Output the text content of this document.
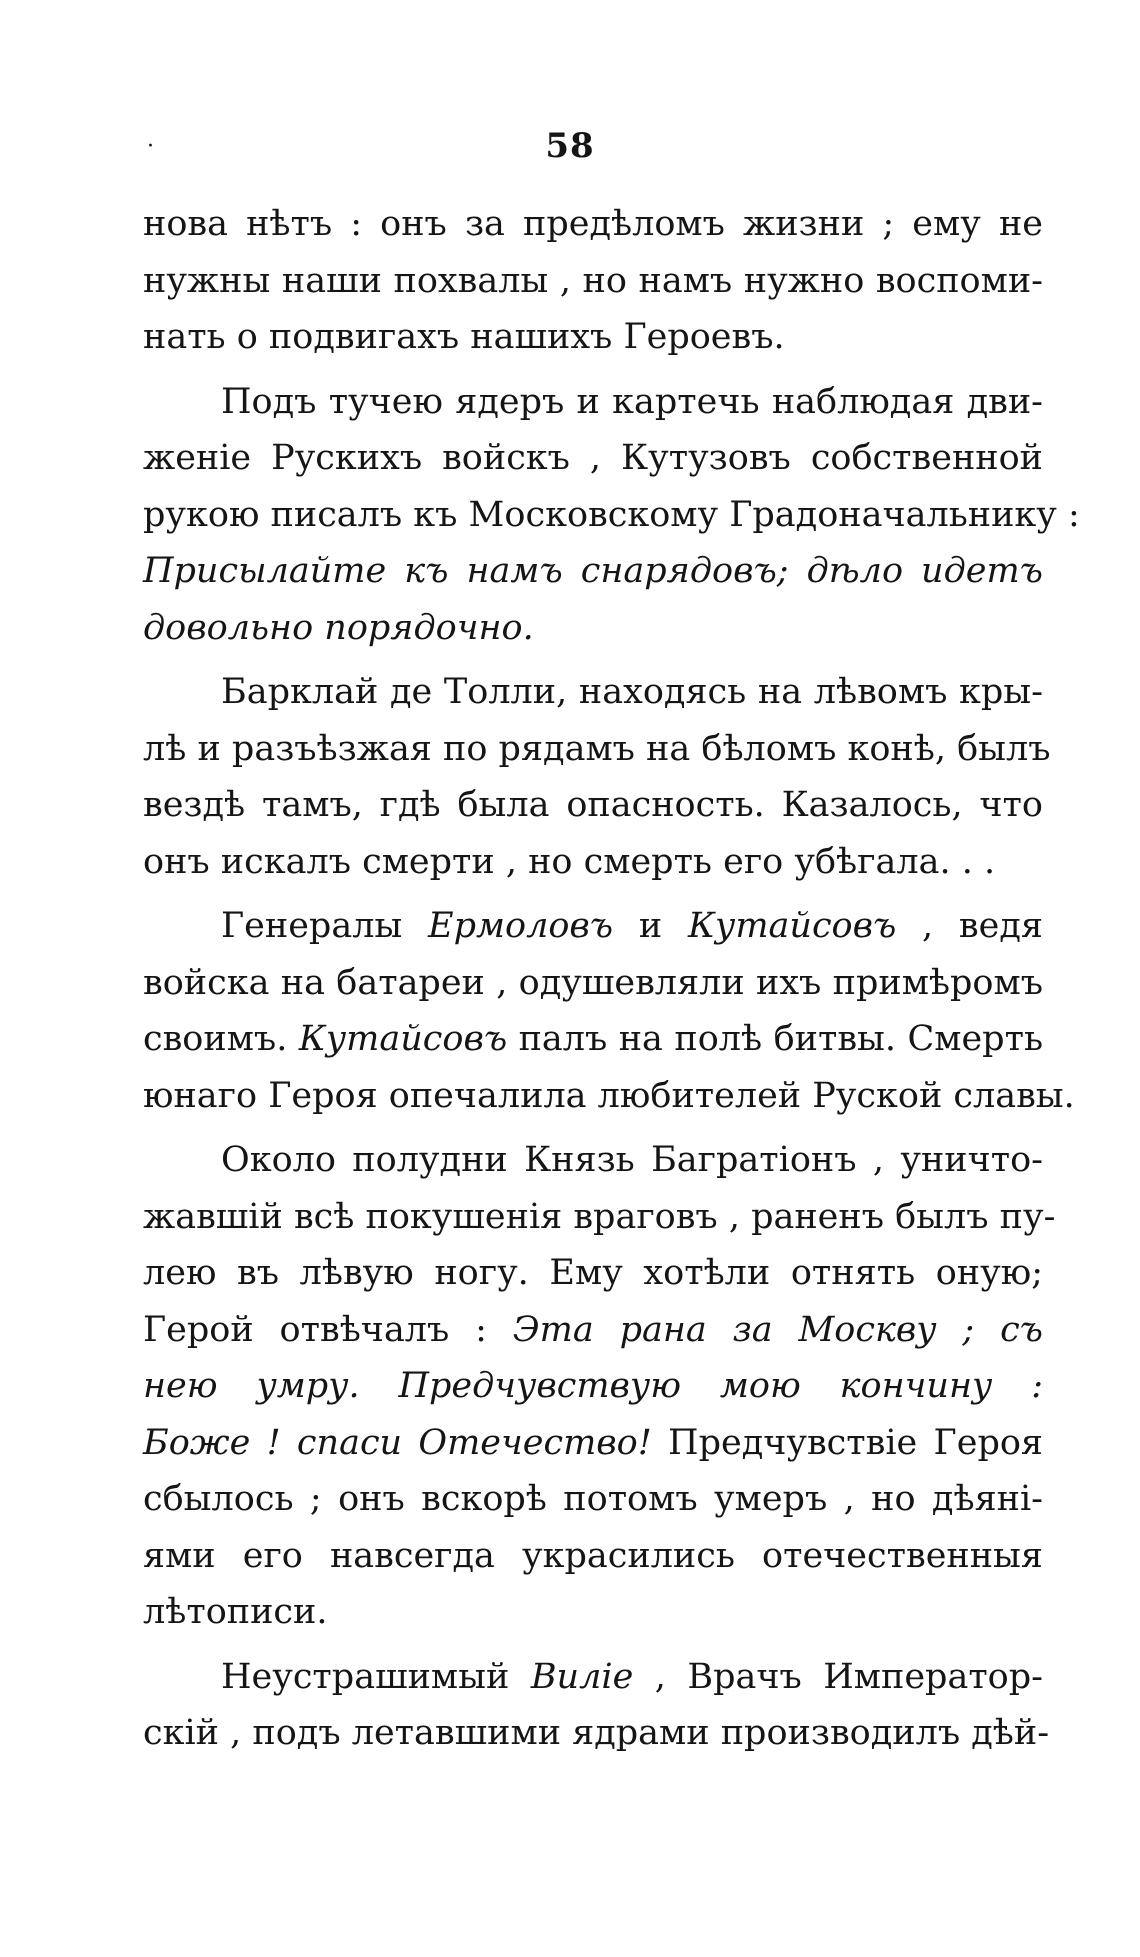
·	58
нова нѣтъ : онъ за предѣломъ жизни ; ему не
нужны наши похвалы , но намъ нужно воспоми-
нать о подвигахъ нашихъ Героевъ.
Подъ тучею ядеръ и картечь наблюдая дви-
женіе Рускихъ войскъ , Кутузовъ собственной
рукою писалъ къ Московскому Градоначальнику :
Присылайте къ намъ снарядовъ; дѣло идетъ
довольно порядочно.
Барклай де Толли, находясь на лѣвомъ кры-
лѣ и разъѣзжая по рядамъ на бѣломъ конѣ, былъ
вездѣ тамъ, гдѣ была опасность. Казалось, что
онъ искалъ смерти , но смерть его убѣгала. . .
Генералы Ермоловъ и Кутайсовъ , ведя
войска на батареи , одушевляли ихъ примѣромъ
своимъ. Кутайсовъ палъ на полѣ битвы. Смерть
юнаго Героя опечалила любителей Руской славы.
Около полудни Князь Багратіонъ , уничто-
жавшій всѣ покушенія враговъ , раненъ былъ пу-
лею въ лѣвую ногу. Ему хотѣли отнять оную;
Герой отвѣчалъ : Эта рана за Москву ; съ
нею умру. Предчувствую мою кончину :
Боже ! спаси Отечество! Предчувствіе Героя
сбылось ; онъ вскорѣ потомъ умеръ , но дѣяні-
ями его навсегда украсились отечественныя
лѣтописи.
Неустрашимый Виліе , Врачъ Император-
скій , подъ летавшими ядрами производилъ дѣй-
